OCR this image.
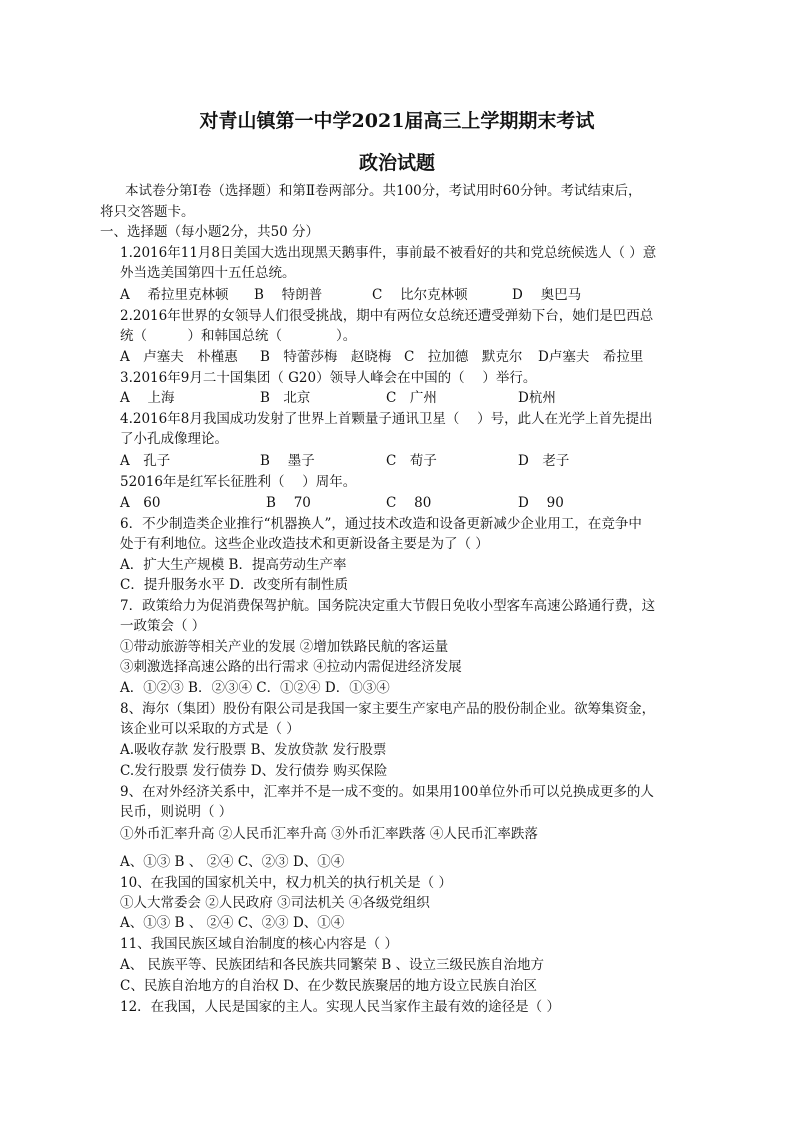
对青山镇第一中学2021届高三上学期期末考试
政治试题
本试卷分第Ⅰ卷（选择题）和第Ⅱ卷两部分。共100分，考试用时60分钟。考试结束后，
将只交答题卡。
一、选择题（每小题2分，共50 分）
1.2016年11月8日美国大选出现黑天鹅事件，事前最不被看好的共和党总统候选人（ ）意
外当选美国第四十五任总统。
A　 希拉里克林顿 B　 特朗普	C　 比尔克林顿	D　 奥巴马
2.2016年世界的女领导人们很受挑战，期中有两位女总统还遭受弹劾下台，她们是巴西总
统（　　　）和韩国总统（　　　　）。
A　卢塞夫　朴槿惠 B　特蕾莎梅　赵晓梅 C　拉加德　默克尔 D卢塞夫　希拉里
3.2016年9月二十国集团（ G20）领导人峰会在中国的（　 ）举行。
A　 上海	B　北京	C　广州	D杭州
4.2016年8月我国成功发射了世界上首颗量子通讯卫星（　 ）号，此人在光学上首先提出
了小孔成像理论。
A　孔子	B　 墨子	C　荀子	D　老子
52016年是红军长征胜利（　 ）周年。
A　60	B　 70	C　 80	D　 90
6．不少制造类企业推行“机器换人”，通过技术改造和设备更新减少企业用工，在竞争中
处于有利地位。这些企业改造技术和更新设备主要是为了（ ）
A．扩大生产规模 B．提高劳动生产率
C．提升服务水平 D．改变所有制性质
7．政策给力为促消费保驾护航。国务院决定重大节假日免收小型客车高速公路通行费，这
一政策会（ ）
①带动旅游等相关产业的发展 ②增加铁路民航的客运量
③刺激选择高速公路的出行需求 ④拉动内需促进经济发展
A．①②③ B．②③④ C．①②④ D．①③④
8、海尔（集团）股份有限公司是我国一家主要生产家电产品的股份制企业。欲筹集资金，
该企业可以采取的方式是（ ）
A.吸收存款 发行股票 B、发放贷款 发行股票
C.发行股票 发行债券 D、发行债券 购买保险
9、在对外经济关系中，汇率并不是一成不变的。如果用100单位外币可以兑换成更多的人
民币，则说明（ ）
①外币汇率升高 ②人民币汇率升高 ③外币汇率跌落 ④人民币汇率跌落
A、①③ B 、 ②④ C、②③ D、①④
10、在我国的国家机关中，权力机关的执行机关是（ ）
①人大常委会 ②人民政府 ③司法机关 ④各级党组织
A、①③ B 、 ②④ C、②③ D、①④
11、我国民族区域自治制度的核心内容是（ ）
A、 民族平等、民族团结和各民族共同繁荣 B 、设立三级民族自治地方
C、民族自治地方的自治权 D、在少数民族聚居的地方设立民族自治区
12．在我国，人民是国家的主人。实现人民当家作主最有效的途径是（ ）
